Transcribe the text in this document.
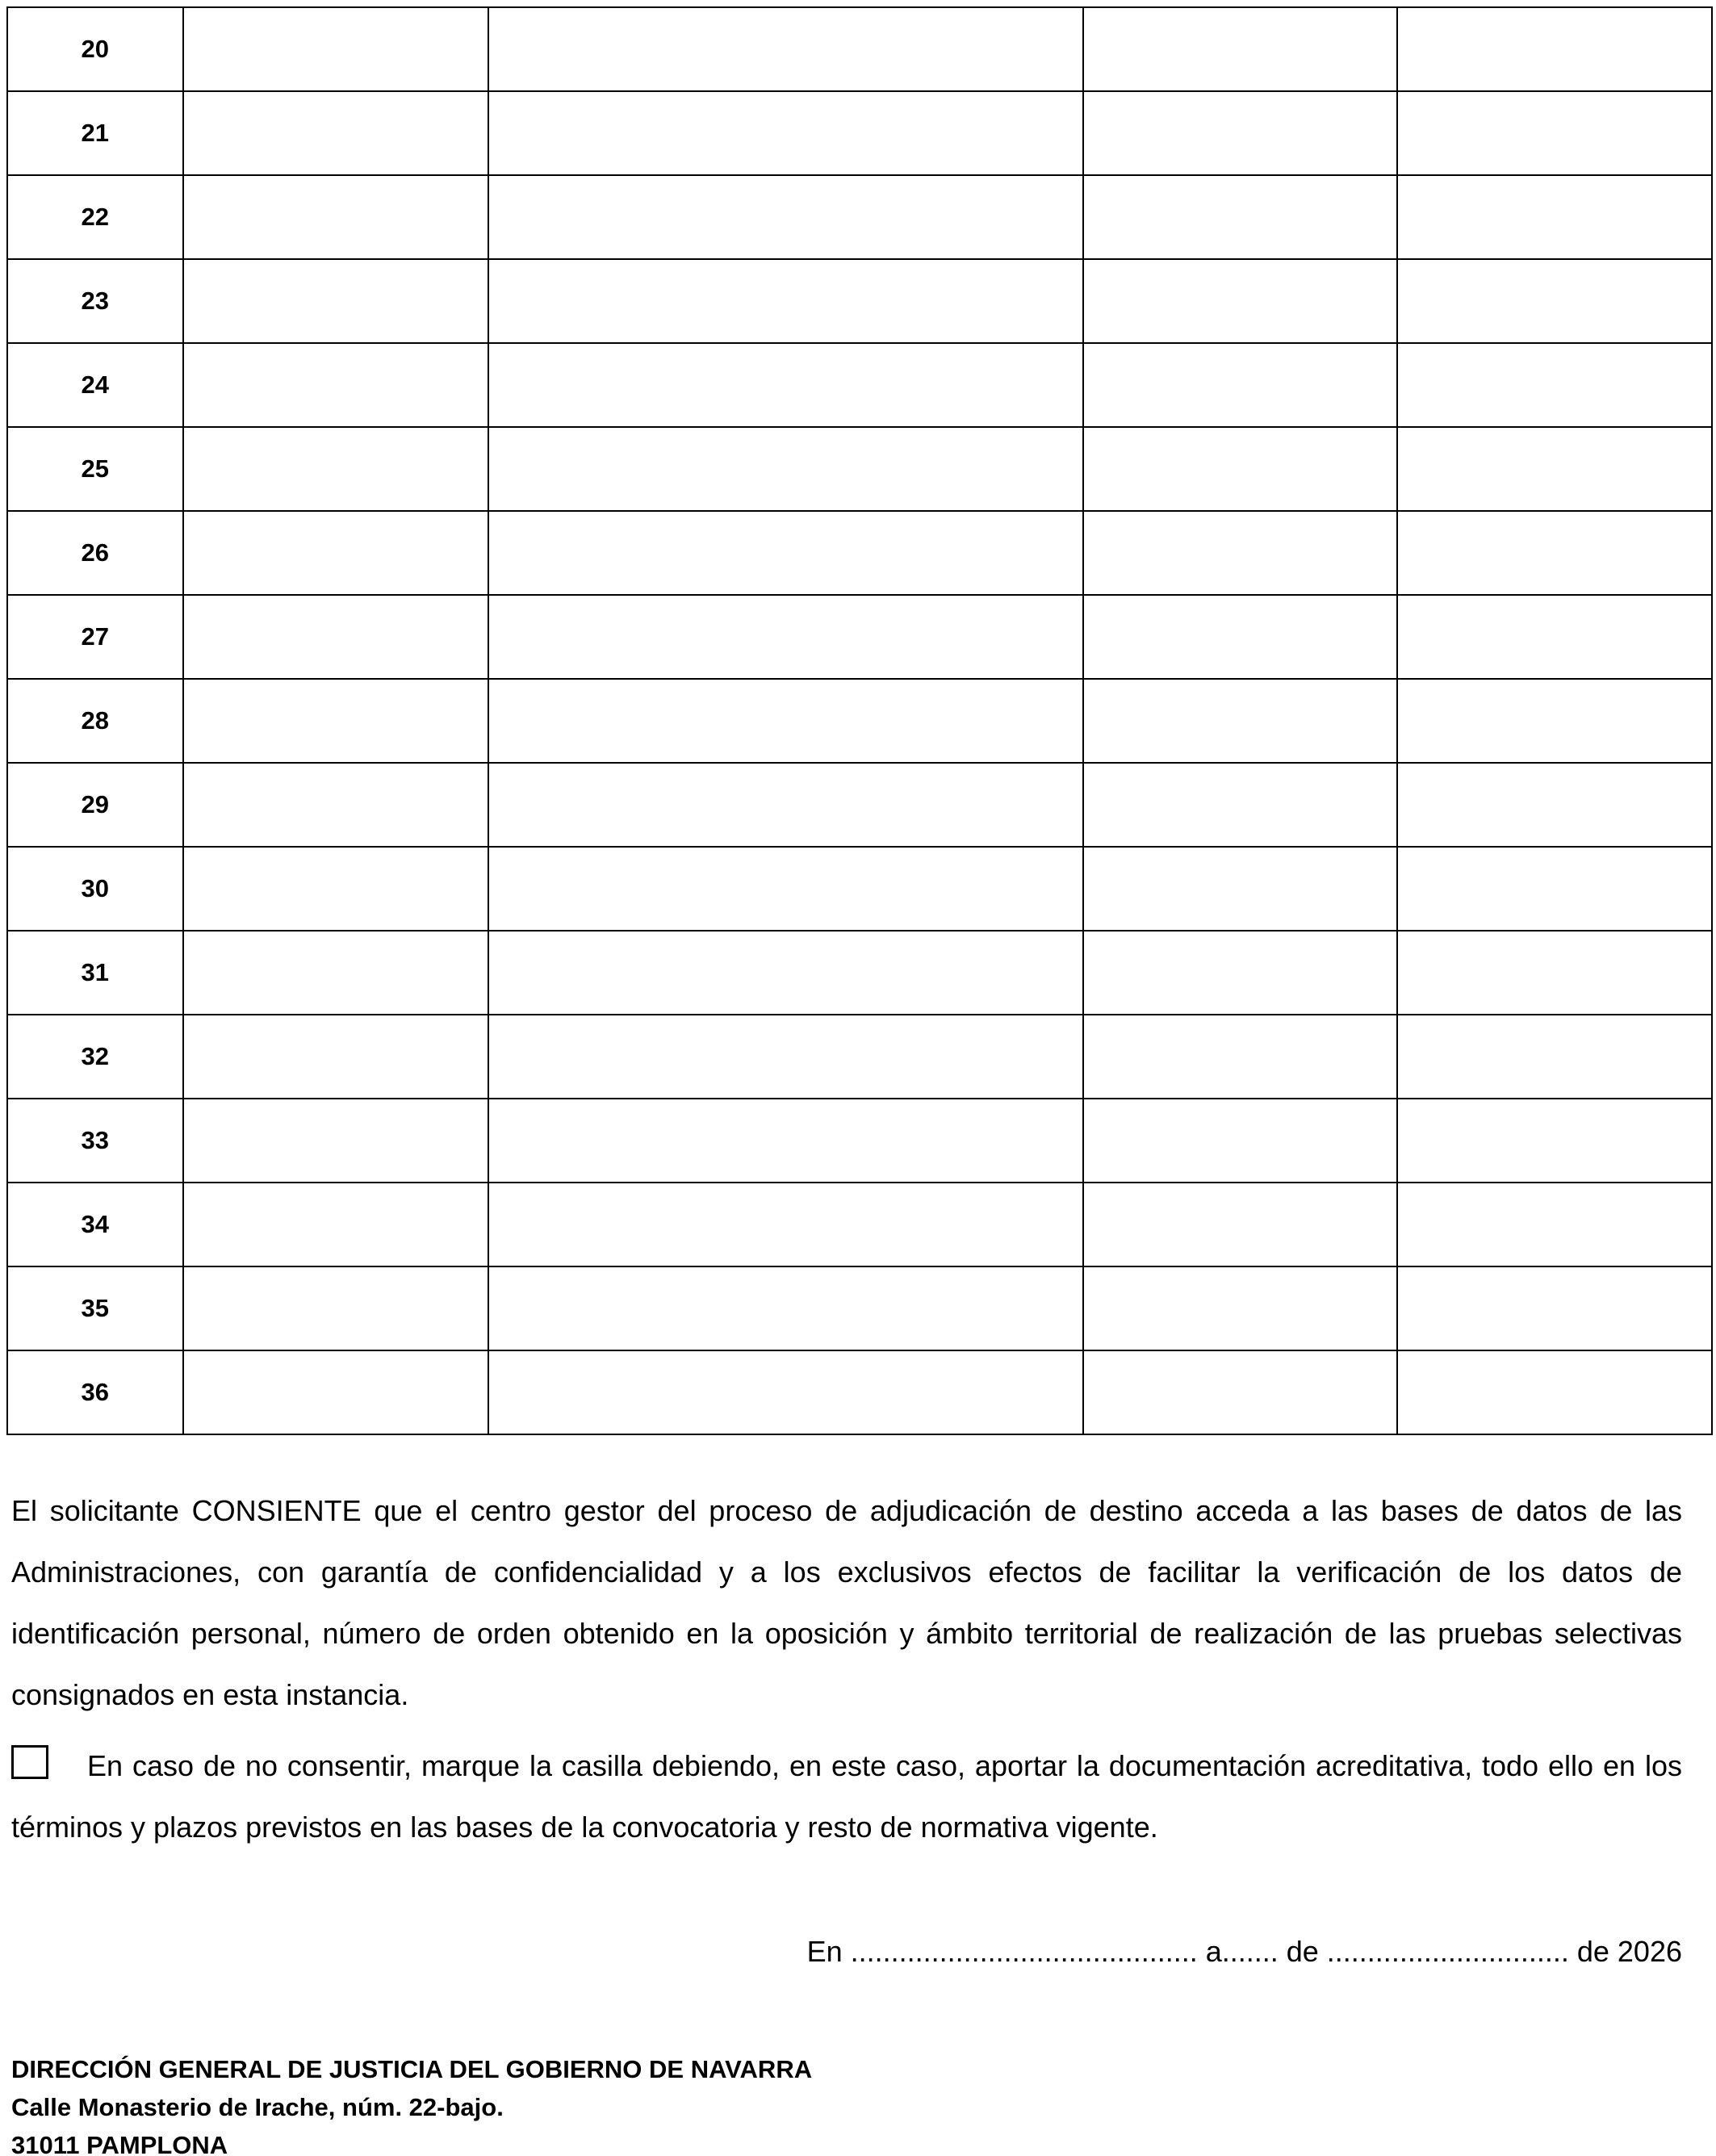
20				
21				
22				
23				
24				
25				
26				
27				
28				
29				
30				
31				
32				
33				
34				
35				
36				

El solicitante CONSIENTE que el centro gestor del proceso de adjudicación de destino acceda a las bases de datos de las Administraciones, con garantía de confidencialidad y a los exclusivos efectos de facilitar la verificación de los datos de identificación personal, número de orden obtenido en la oposición y ámbito territorial de realización de las pruebas selectivas consignados en esta instancia.

En caso de no consentir, marque la casilla debiendo, en este caso, aportar la documentación acreditativa, todo ello en los términos y plazos previstos en las bases de la convocatoria y resto de normativa vigente.

En ........................................... a....... de .............................. de 2026

DIRECCIÓN GENERAL DE JUSTICIA DEL GOBIERNO DE NAVARRA
Calle Monasterio de Irache, núm. 22-bajo.
31011 PAMPLONA
